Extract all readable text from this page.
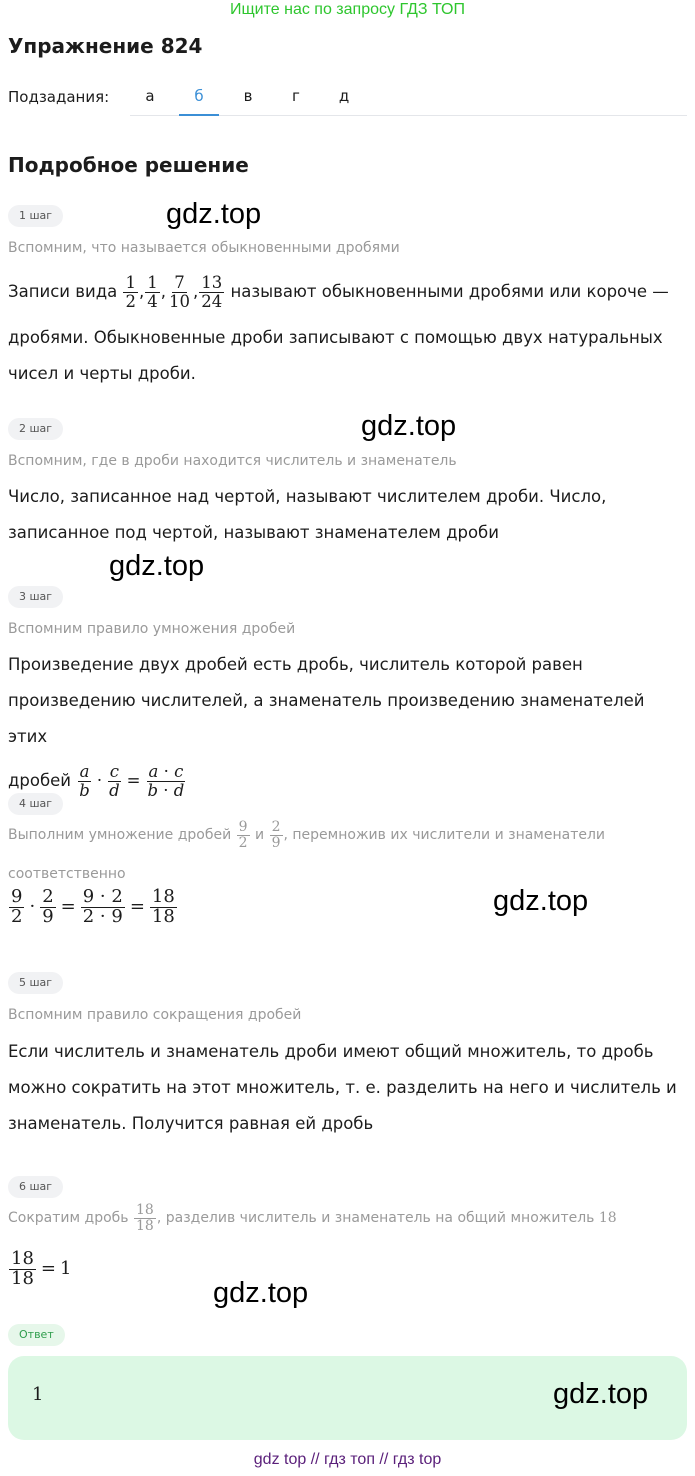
Ищите нас по запросу ГДЗ ТОП
Упражнение 824
Подзадания:	а	б	в	г	д
Подробное решение
1 шаг	gdz.top
Вспомним, что называется обыкновенными дробями
Записи вида
$\frac{1}{2}$ , $\frac{1}{4}$ , $\frac{7}{10}$ , $\frac{13}{24}$
называют обыкновенными дробями или короче —
дробями. Обыкновенные дроби записывают с помощью двух натуральных
чисел и черты дроби.
2 шаг	gdz.top
Вспомним, где в дроби находится числитель и знаменатель
Число, записанное над чертой, называют числителем дроби. Число,
записанное под чертой, называют знаменателем дроби
gdz.top
3 шаг
Вспомним правило умножения дробей
Произведение двух дробей есть дробь, числитель которой равен
произведению числителей, а знаменатель произведению знаменателей этих
дробей
$\frac{a}{b} \cdot \frac{c}{d} = \frac{a \cdot c}{b \cdot d}$
4 шаг
Выполним умножение дробей
$\frac{9}{2}$
и
$\frac{2}{9}$ , перемножив их числители и знаменатели
соответственно
$\frac{9}{2} \cdot \frac{2}{9} = \frac{9 \cdot 2}{2 \cdot 9} = \frac{18}{18}$	gdz.top
5 шаг
Вспомним правило сокращения дробей
Если числитель и знаменатель дроби имеют общий множитель, то дробь
можно сократить на этот множитель, т. е. разделить на него и числитель и
знаменатель. Получится равная ей дробь
6 шаг
Сократим дробь
$\frac{18}{18}$ , разделив числитель и знаменатель на общий множитель
18
$\frac{18}{18} = 1$
gdz.top
Ответ
1	gdz.top
gdz top // гдз топ // гдз top
